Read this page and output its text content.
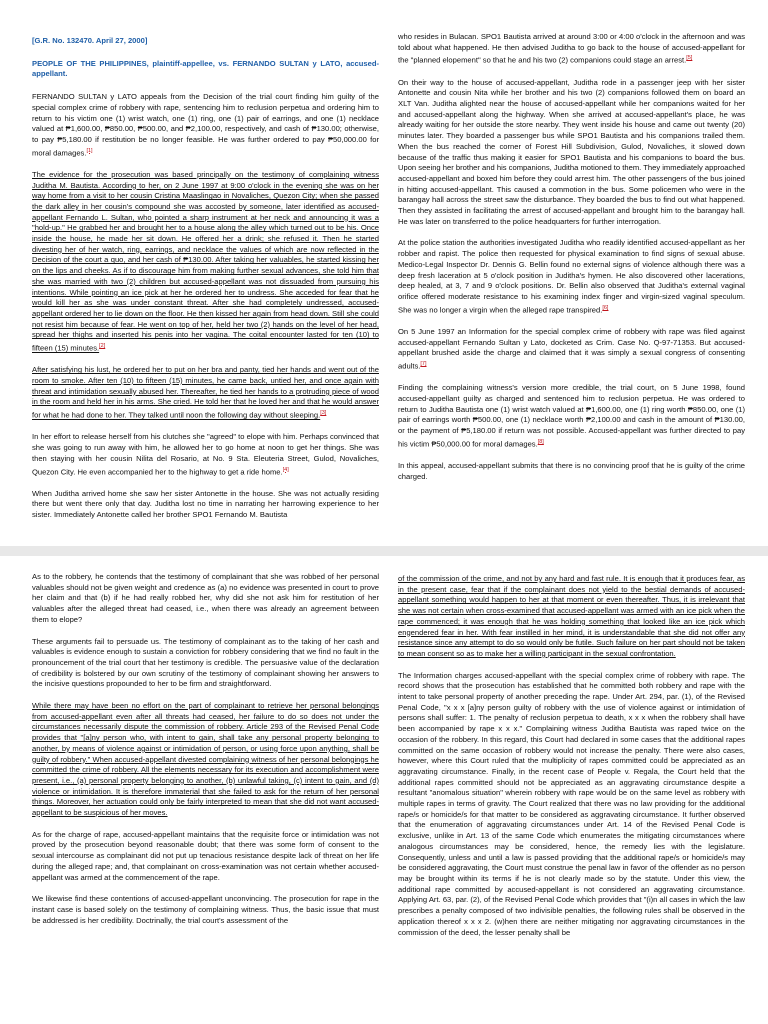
[G.R. No. 132470. April 27, 2000]

PEOPLE OF THE PHILIPPINES, plaintiff-appellee, vs. FERNANDO SULTAN y LATO, accused-appellant.

FERNANDO SULTAN y LATO appeals from the Decision of the trial court finding him guilty of the special complex crime of robbery with rape, sentencing him to reclusion perpetua and ordering him to return to his victim one (1) wrist watch, one (1) ring, one (1) pair of earrings, and one (1) necklace valued at ₱1,600.00, ₱850.00, ₱500.00, and ₱2,100.00, respectively, and cash of ₱130.00; otherwise, to pay ₱5,180.00 if restitution be no longer feasible. He was further ordered to pay ₱50,000.00 for moral damages.[1]

The evidence for the prosecution was based principally on the testimony of complaining witness Juditha M. Bautista. According to her, on 2 June 1997 at 9:00 o'clock in the evening she was on her way home from a visit to her cousin Cristina Maaslingao in Novaliches, Quezon City; when she passed the dark alley in her cousin's compound she was accosted by someone, later identified as accused-appellant Fernando L. Sultan, who pointed a sharp instrument at her neck and announcing it was a "hold-up." He grabbed her and brought her to a house along the alley which turned out to be his. Once inside the house, he made her sit down. He offered her a drink; she refused it. Then he started divesting her of her watch, ring, earrings, and necklace the values of which are now reflected in the Decision of the court a quo, and her cash of ₱130.00. After taking her valuables, he started kissing her on the lips and cheeks. As if to discourage him from making further sexual advances, she told him that she was married with two (2) children but accused-appellant was not dissuaded from pursuing his intentions. While pointing an ice pick at her he ordered her to undress. She acceded for fear that he would kill her as she was under constant threat. After she had completely undressed, accused-appellant ordered her to lie down on the floor. He then kissed her again from head down. Still she could not resist him because of fear. He went on top of her, held her two (2) hands on the level of her head, spread her thighs and inserted his penis into her vagina. The coital encounter lasted for ten (10) to fifteen (15) minutes.[2]

After satisfying his lust, he ordered her to put on her bra and panty, tied her hands and went out of the room to smoke. After ten (10) to fifteen (15) minutes, he came back, untied her, and once again with threat and intimidation sexually abused her. Thereafter, he tied her hands to a protruding piece of wood in the room and held her in his arms. She cried. He told her that he loved her and that he would answer for what he had done to her. They talked until noon the following day without sleeping.[3]

In her effort to release herself from his clutches she "agreed" to elope with him. Perhaps convinced that she was going to run away with him, he allowed her to go home at noon to get her things. She was then staying with her cousin Nilita del Rosario, at No. 9 Sta. Eleuteria Street, Gulod, Novaliches, Quezon City. He even accompanied her to the highway to get a ride home.[4]

When Juditha arrived home she saw her sister Antonette in the house. She was not actually residing there but went there only that day. Juditha lost no time in narrating her harrowing experience to her sister. Immediately Antonette called her brother SPO1 Fernando M. Bautista

who resides in Bulacan. SPO1 Bautista arrived at around 3:00 or 4:00 o'clock in the afternoon and was told about what happened. He then advised Juditha to go back to the house of accused-appellant for the "planned elopement" so that he and his two (2) companions could stage an arrest.[5]

On their way to the house of accused-appellant, Juditha rode in a passenger jeep with her sister Antonette and cousin Nita while her brother and his two (2) companions followed them on board an XLT Van. Juditha alighted near the house of accused-appellant while her companions waited for her and accused-appellant along the highway. When she arrived at accused-appellant's place, he was already waiting for her outside the store nearby. They went inside his house and came out twenty (20) minutes later. They boarded a passenger bus while SPO1 Bautista and his companions trailed them. When the bus reached the corner of Forest Hill Subdivision, Gulod, Novaliches, it slowed down because of the traffic thus making it easier for SPO1 Bautista and his companions to board the bus. Upon seeing her brother and his companions, Juditha motioned to them. They immediately approached accused-appellant and boxed him before they could arrest him. The other passengers of the bus joined in hitting accused-appellant. This caused a commotion in the bus. Some policemen who were in the barangay hall across the street saw the disturbance. They boarded the bus to find out what happened. Then they assisted in facilitating the arrest of accused-appellant and brought him to the barangay hall. He was later on transferred to the police headquarters for further interrogation.

At the police station the authorities investigated Juditha who readily identified accused-appellant as her robber and rapist. The police then requested for physical examination to find signs of sexual abuse. Medico-Legal Inspector Dr. Dennis G. Bellin found no external signs of violence although there was a deep fresh laceration at 5 o'clock position in Juditha's hymen. He also discovered other lacerations, deep healed, at 3, 7 and 9 o'clock positions. Dr. Bellin also observed that Juditha's external vaginal orifice offered moderate resistance to his examining index finger and virgin-sized vaginal speculum. She was no longer a virgin when the alleged rape transpired.[6]

On 5 June 1997 an Information for the special complex crime of robbery with rape was filed against accused-appellant Fernando Sultan y Lato, docketed as Crim. Case No. Q-97-71353. But accused-appellant brushed aside the charge and claimed that it was simply a sexual congress of consenting adults.[7]

Finding the complaining witness's version more credible, the trial court, on 5 June 1998, found accused-appellant guilty as charged and sentenced him to reclusion perpetua. He was ordered to return to Juditha Bautista one (1) wrist watch valued at ₱1,600.00, one (1) ring worth ₱850.00, one (1) pair of earrings worth ₱500.00, one (1) necklace worth ₱2,100.00 and cash in the amount of ₱130.00, or the payment of ₱5,180.00 if return was not possible. Accused-appellant was further directed to pay his victim ₱50,000.00 for moral damages.[8]

In this appeal, accused-appellant submits that there is no convincing proof that he is guilty of the crime charged.

As to the robbery, he contends that the testimony of complainant that she was robbed of her personal valuables should not be given weight and credence as (a) no evidence was presented in court to prove her claim and that (b) if he had really robbed her, why did she not ask him for restitution of her valuables after the alleged threat had ceased, i.e., when there was already an agreement between them to elope?

These arguments fail to persuade us. The testimony of complainant as to the taking of her cash and valuables is evidence enough to sustain a conviction for robbery considering that we find no fault in the pronouncement of the trial court that her testimony is credible. The persuasive value of the declaration of credibility is bolstered by our own scrutiny of the testimony of complainant showing her answers to the incisive questions propounded to her to be firm and straightforward.

While there may have been no effort on the part of complainant to retrieve her personal belongings from accused-appellant even after all threats had ceased, her failure to do so does not under the circumstances necessarily dispute the commission of robbery. Article 293 of the Revised Penal Code provides that "[a]ny person who, with intent to gain, shall take any personal property belonging to another, by means of violence against or intimidation of person, or using force upon anything, shall be guilty of robbery." When accused-appellant divested complaining witness of her personal belongings he committed the crime of robbery. All the elements necessary for its execution and accomplishment were present, i.e., (a) personal property belonging to another, (b) unlawful taking, (c) intent to gain, and (d) violence or intimidation. It is therefore immaterial that she failed to ask for the return of her personal things. Moreover, her actuation could only be fairly interpreted to mean that she did not want accused-appellant to be suspicious of her moves.

As for the charge of rape, accused-appellant maintains that the requisite force or intimidation was not proved by the prosecution beyond reasonable doubt; that there was some form of consent to the sexual intercourse as complainant did not put up tenacious resistance despite lack of threat on her life during the alleged rape; and, that complainant on cross-examination was not certain whether accused-appellant was armed at the commencement of the rape.

We likewise find these contentions of accused-appellant unconvincing. The prosecution for rape in the instant case is based solely on the testimony of complaining witness. Thus, the basic issue that must be addressed is her credibility. Doctrinally, the trial court's assessment of the

of the commission of the crime, and not by any hard and fast rule. It is enough that it produces fear, as in the present case, fear that if the complainant does not yield to the bestial demands of accused-appellant something would happen to her at that moment or even thereafter. Thus, it is irrelevant that she was not certain when cross-examined that accused-appellant was armed with an ice pick when the rape commenced; it was enough that he was holding something that looked like an ice pick which engendered fear in her. With fear instilled in her mind, it is understandable that she did not offer any resistance since any attempt to do so would only be futile. Such failure on her part should not be taken to mean consent so as to make her a willing participant in the sexual confrontation.

The Information charges accused-appellant with the special complex crime of robbery with rape. The record shows that the prosecution has established that he committed both robbery and rape with the intent to take personal property of another preceding the rape. Under Art. 294, par. (1), of the Revised Penal Code, "x x x [a]ny person guilty of robbery with the use of violence against or intimidation of persons shall suffer: 1. The penalty of reclusion perpetua to death, x x x when the robbery shall have been accompanied by rape x x x." Complaining witness Juditha Bautista was raped twice on the occasion of the robbery. In this regard, this Court had declared in some cases that the additional rapes committed on the same occasion of robbery would not increase the penalty. There were also cases, however, where this Court ruled that the multiplicity of rapes committed could be appreciated as an aggravating circumstance. Finally, in the recent case of People v. Regala, the Court held that the additional rapes committed should not be appreciated as an aggravating circumstance despite a resultant "anomalous situation" wherein robbery with rape would be on the same level as robbery with multiple rapes in terms of gravity. The Court realized that there was no law providing for the additional rape/s or homicide/s for that matter to be considered as aggravating circumstance. It further observed that the enumeration of aggravating circumstances under Art. 14 of the Revised Penal Code is exclusive, unlike in Art. 13 of the same Code which enumerates the mitigating circumstances where analogous circumstances may be considered, hence, the remedy lies with the legislature. Consequently, unless and until a law is passed providing that the additional rape/s or homicide/s may be considered aggravating, the Court must construe the penal law in favor of the offender as no person may be brought within its terms if he is not clearly made so by the statute. Under this view, the additional rape committed by accused-appellant is not considered an aggravating circumstance. Applying Art. 63, par. (2), of the Revised Penal Code which provides that "(i)n all cases in which the law prescribes a penalty composed of two indivisible penalties, the following rules shall be observed in the application thereof x x x 2. (w)hen there are neither mitigating nor aggravating circumstances in the commission of the deed, the lesser penalty shall be
